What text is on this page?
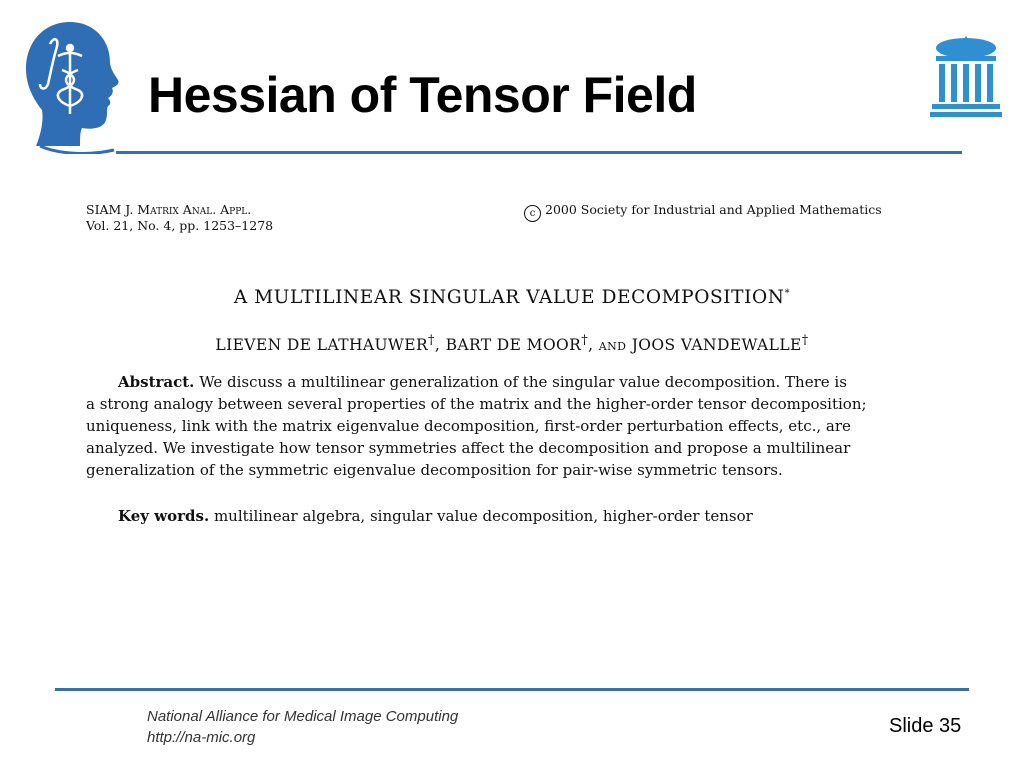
Hessian of Tensor Field
SIAM J. Matrix Anal. Appl.
Vol. 21, No. 4, pp. 1253–1278
c 2000 Society for Industrial and Applied Mathematics
A MULTILINEAR SINGULAR VALUE DECOMPOSITION*
LIEVEN DE LATHAUWER†, BART DE MOOR†, and JOOS VANDEWALLE†
Abstract. We discuss a multilinear generalization of the singular value decomposition. There is
a strong analogy between several properties of the matrix and the higher-order tensor decomposition;
uniqueness, link with the matrix eigenvalue decomposition, first-order perturbation effects, etc., are
analyzed. We investigate how tensor symmetries affect the decomposition and propose a multilinear
generalization of the symmetric eigenvalue decomposition for pair-wise symmetric tensors.
Key words. multilinear algebra, singular value decomposition, higher-order tensor
National Alliance for Medical Image Computing
http://na-mic.org
Slide 35
